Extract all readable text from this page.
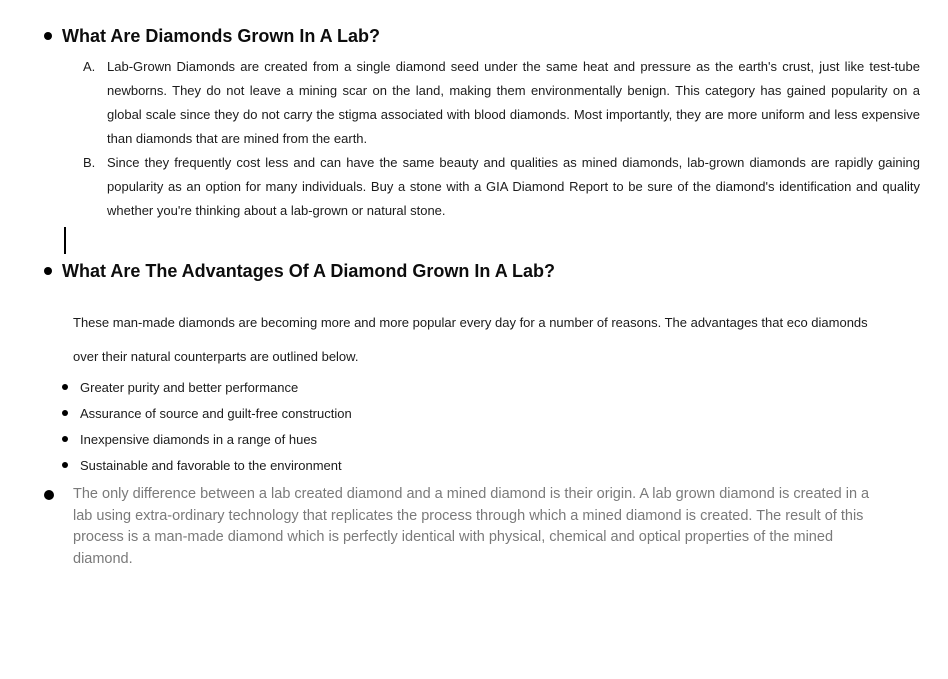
What Are Diamonds Grown In A Lab?
A. Lab-Grown Diamonds are created from a single diamond seed under the same heat and pressure as the earth's crust, just like test-tube newborns. They do not leave a mining scar on the land, making them environmentally benign. This category has gained popularity on a global scale since they do not carry the stigma associated with blood diamonds. Most importantly, they are more uniform and less expensive than diamonds that are mined from the earth.

B. Since they frequently cost less and can have the same beauty and qualities as mined diamonds, lab-grown diamonds are rapidly gaining popularity as an option for many individuals. Buy a stone with a GIA Diamond Report to be sure of the diamond's identification and quality whether you're thinking about a lab-grown or natural stone.

What Are The Advantages Of A Diamond Grown In A Lab?

These man-made diamonds are becoming more and more popular every day for a number of reasons. The advantages that eco diamonds over their natural counterparts are outlined below.

Greater purity and better performance
Assurance of source and guilt-free construction
Inexpensive diamonds in a range of hues
Sustainable and favorable to the environment

The only difference between a lab created diamond and a mined diamond is their origin. A lab grown diamond is created in a lab using extra-ordinary technology that replicates the process through which a mined diamond is created. The result of this process is a man-made diamond which is perfectly identical with physical, chemical and optical properties of the mined diamond.
